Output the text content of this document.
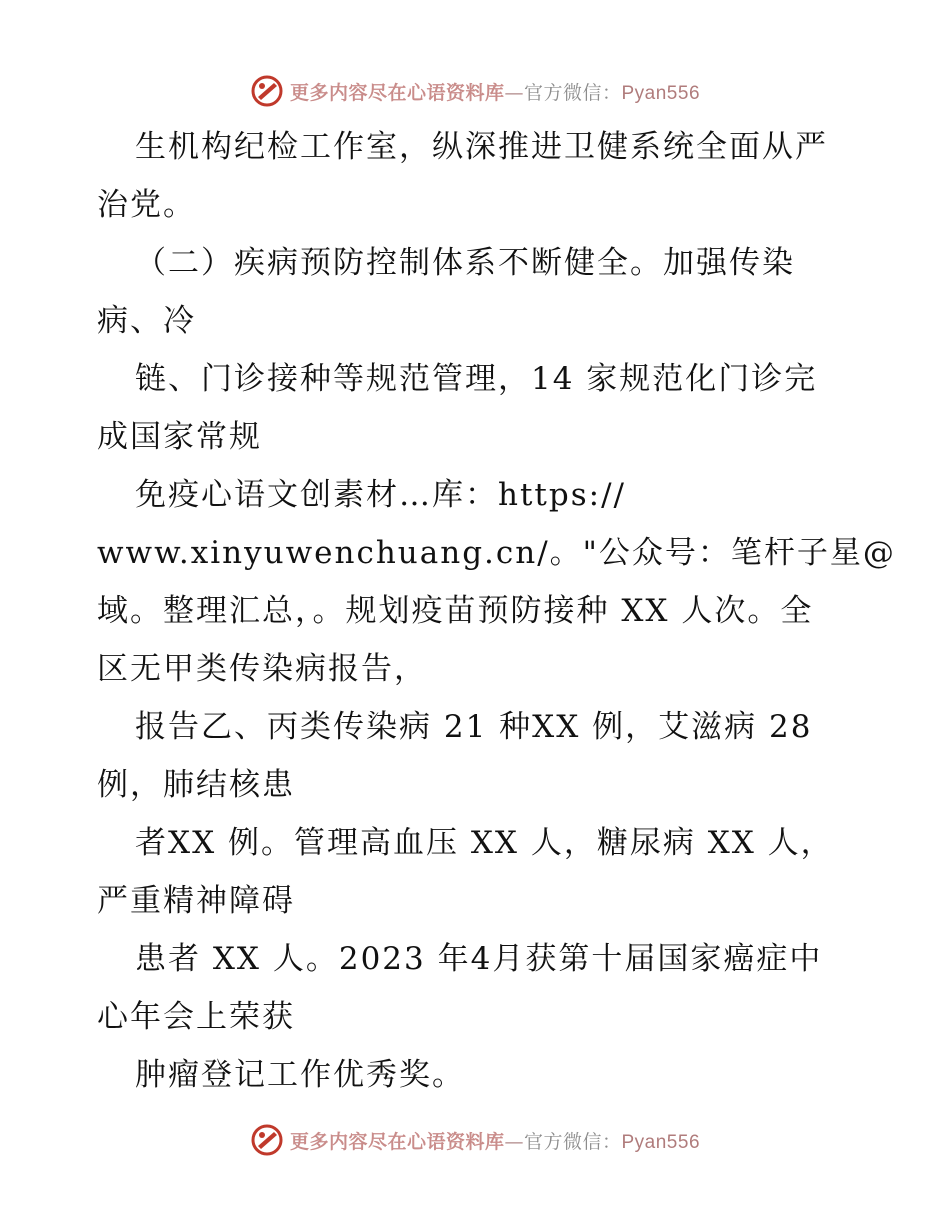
更多内容尽在心语资料库 — 官方微信： Pyan556
生机构纪检工作室，纵深推进卫健系统全面从严
治党。
（二）疾病预防控制体系不断健全。加强传染
病、冷
链、门诊接种等规范管理，14 家规范化门诊完
成国家常规
免疫心语文创素材…库：https://
www.xinyuwenchuang.cn/。"公众号：笔杆子星@
域。整理汇总，。规划疫苗预防接种 XX 人次。全
区无甲类传染病报告，
报告乙、丙类传染病 21 种XX 例，艾滋病 28
例，肺结核患
者XX 例。管理高血压 XX 人，糖尿病 XX 人，
严重精神障碍
患者 XX 人。2023 年4月获第十届国家癌症中
心年会上荣获
肿瘤登记工作优秀奖。
更多内容尽在心语资料库 — 官方微信： Pyan556
